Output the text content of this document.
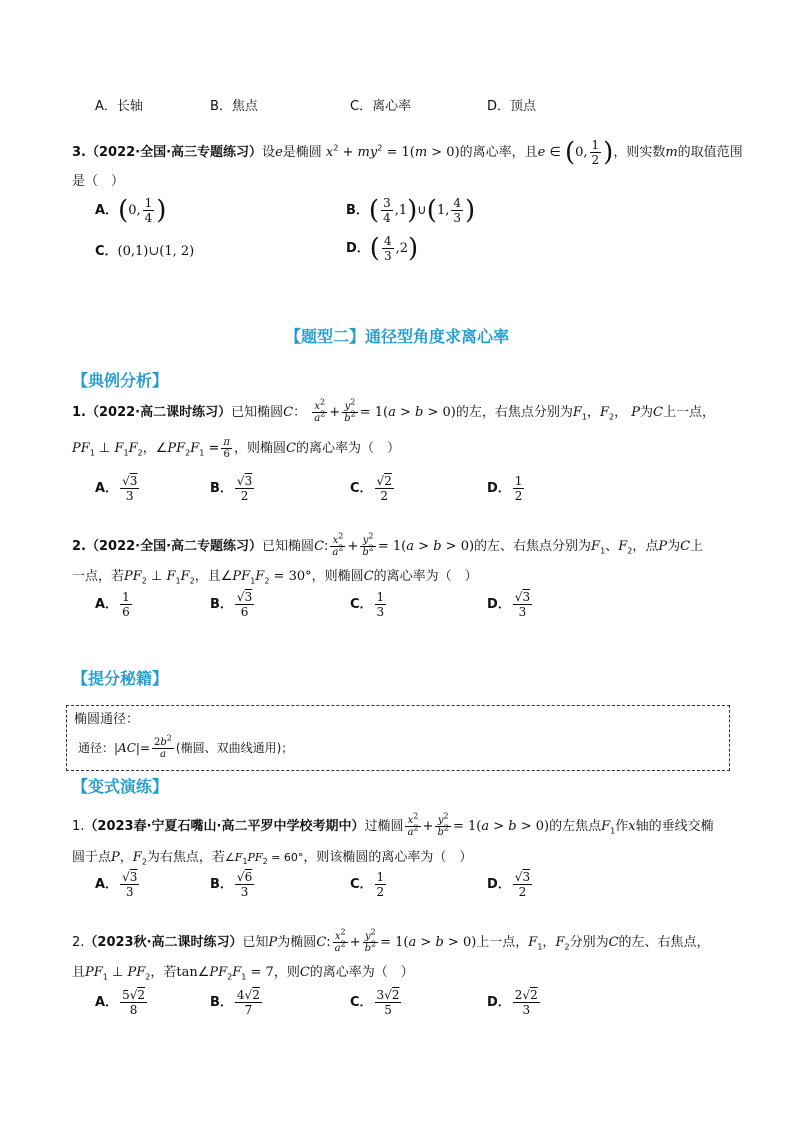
A．长轴	B．焦点	C．离心率	D．顶点
3.（2022·全国·高三专题练习）设e是椭圆 $x^2 + my^2 = 1(m > 0)$的离心率，且e ∈ (0, $\frac{1}{2}$ )，则实数m的取值范围
是（　）
A．(0, $\frac{1}{4}$ )	B．( $\frac{3}{4}$ ,1)∪(1, $\frac{4}{3}$ )
C．(0,1)∪(1, 2)	D．( $\frac{4}{3} ,2$)
【题型二】通径型角度求离心率
【典例分析】
1.（2022·高二课时练习）已知椭圆C： $\frac{x^2}{a^2} + \frac{y^2}{b^2} = 1(a > b > 0)$的左，右焦点分别为$F_1$，$F_2$， P为C上一点，
$PF_1$ ⊥ $F_1F_2$，$\angle PF_2F_1 = \frac{\pi}{6}$ ，则椭圆C的离心率为（　）
A． $\frac{√3}{3}$	B． $\frac{√3}{2}$	C． $\frac{√2}{2}$	D． $\frac{1}{2}$
2.（2022·全国·高二专题练习）已知椭圆C: $\frac{x^2}{a^2} + \frac{y^2}{b^2} = 1(a > b > 0)$的左、右焦点分别为$F_1$、$F_2$，点P为C上
一点，若$PF_2$ ⊥ $F_1F_2$，且$\angle PF_1F_2 = 30^\circ$，则椭圆C的离心率为（　）
A． $\frac{1}{6}$	B． $\frac{√3}{6}$	C． $\frac{1}{3}$	D． $\frac{√3}{3}$
【提分秘籍】
椭圆通径：
通径：$|AC|= \frac{2b^2}{a}$ (椭圆、双曲线通用)；
【变式演练】
1.（2023春·宁夏石嘴山·高二平罗中学校考期中）过椭圆 $\frac{x^2}{a^2} + \frac{y^2}{b^2} = 1(a > b > 0)$的左焦点$F_1$作x轴的垂线交椭
圆于点P，$F_2$为右焦点，若$\angle F_1PF_2 = 60^\circ$，则该椭圆的离心率为（　）
A． $\frac{√3}{3}$	B． $\frac{√6}{3}$	C． $\frac{1}{2}$	D． $\frac{√3}{2}$
2.（2023秋·高二课时练习）已知P为椭圆C: $\frac{x^2}{a^2} + \frac{y^2}{b^2} = 1(a > b > 0)$上一点，$F_1$，$F_2$分别为C的左、右焦点，
且$PF_1$ ⊥ $PF_2$，若$\tan\angle PF_2F_1 = 7$，则C的离心率为（　）
A． $\frac{5√2}{8}$	B． $\frac{4√2}{7}$	C． $\frac{3√2}{5}$	D． $\frac{2√2}{3}$
